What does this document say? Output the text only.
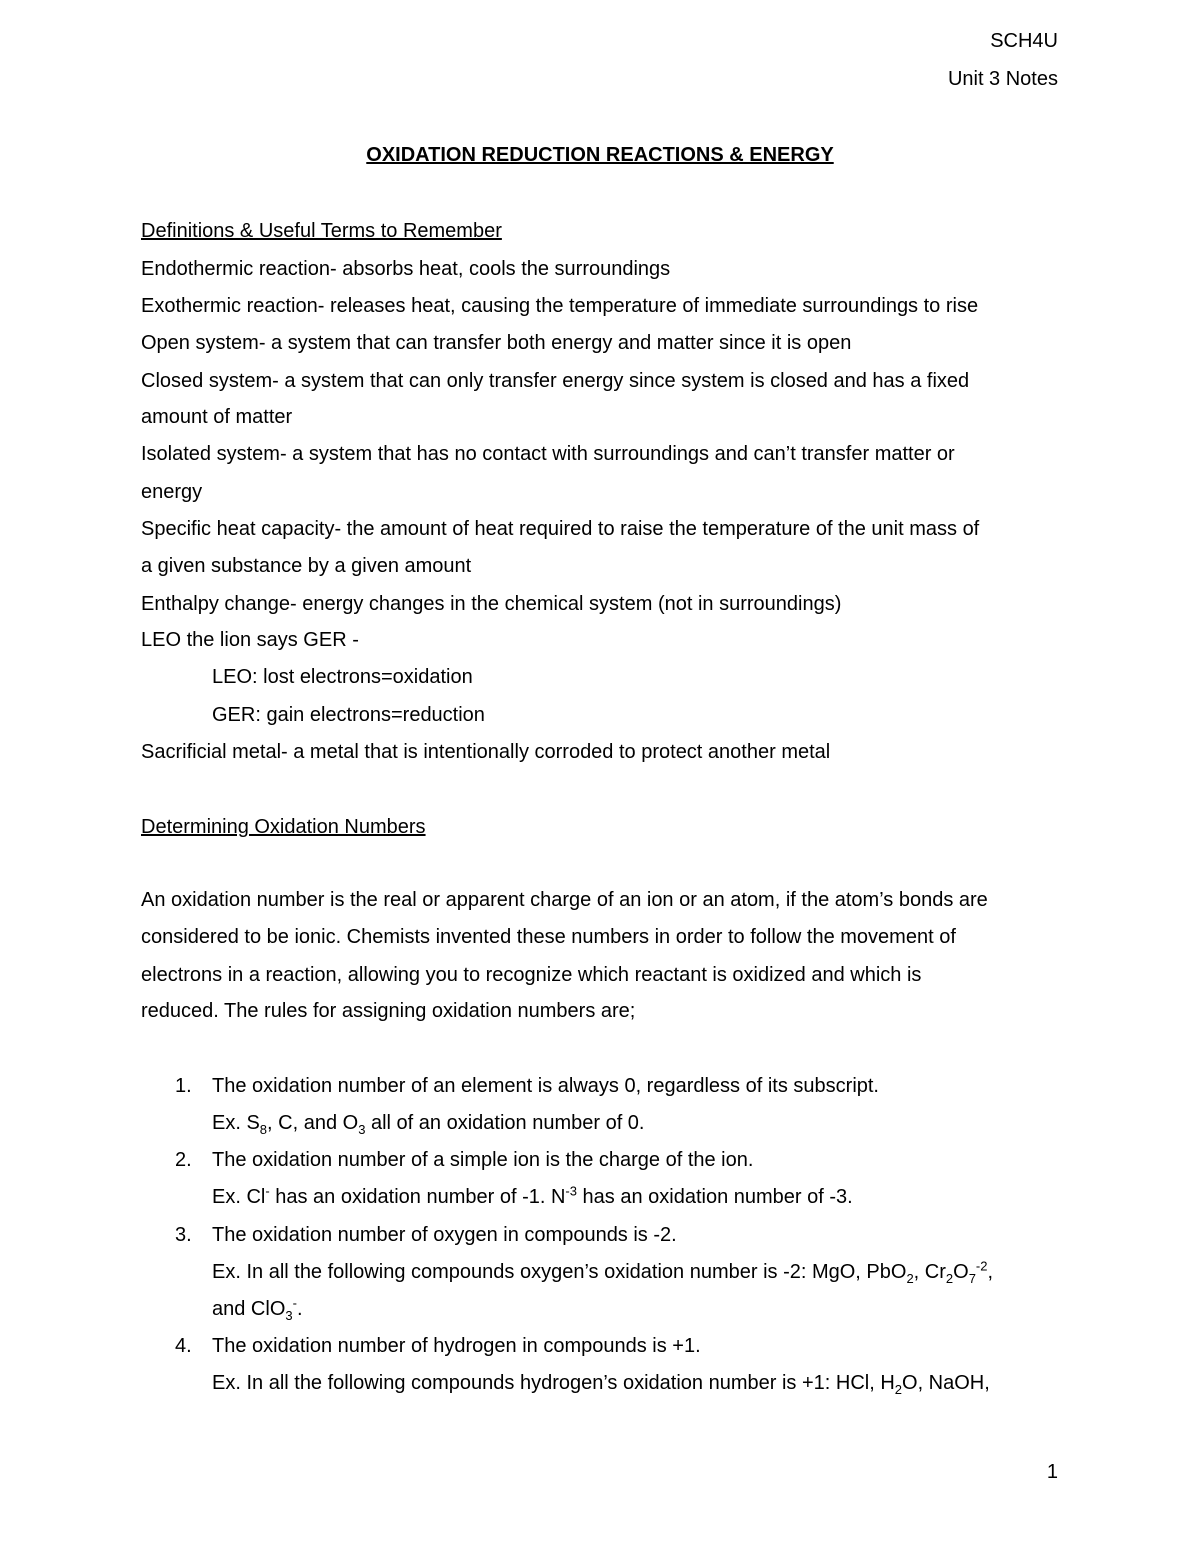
SCH4U
Unit 3 Notes
OXIDATION REDUCTION REACTIONS & ENERGY
Definitions & Useful Terms to Remember
Endothermic reaction- absorbs heat, cools the surroundings
Exothermic reaction- releases heat, causing the temperature of immediate surroundings to rise
Open system- a system that can transfer both energy and matter since it is open
Closed system- a system that can only transfer energy since system is closed and has a fixed
amount of matter
Isolated system- a system that has no contact with surroundings and can’t transfer matter or
energy
Specific heat capacity- the amount of heat required to raise the temperature of the unit mass of
a given substance by a given amount
Enthalpy change- energy changes in the chemical system (not in surroundings)
LEO the lion says GER -
LEO: lost electrons=oxidation
GER: gain electrons=reduction
Sacrificial metal- a metal that is intentionally corroded to protect another metal
Determining Oxidation Numbers
An oxidation number is the real or apparent charge of an ion or an atom, if the atom’s bonds are
considered to be ionic. Chemists invented these numbers in order to follow the movement of
electrons in a reaction, allowing you to recognize which reactant is oxidized and which is
reduced. The rules for assigning oxidation numbers are;
1. The oxidation number of an element is always 0, regardless of its subscript.
Ex. $S_8$, C, and $O_3$ all of an oxidation number of 0.
2. The oxidation number of a simple ion is the charge of the ion.
Ex. Cl- has an oxidation number of -1. $N^{-3}$ has an oxidation number of -3.
3. The oxidation number of oxygen in compounds is -2.
Ex. In all the following compounds oxygen’s oxidation number is -2: MgO, PbO$_2$, $Cr_2O_7^{-2}$,
and ClO$_3$-.
4. The oxidation number of hydrogen in compounds is +1.
Ex. In all the following compounds hydrogen’s oxidation number is +1: HCl, $H_2O$, NaOH,
1
